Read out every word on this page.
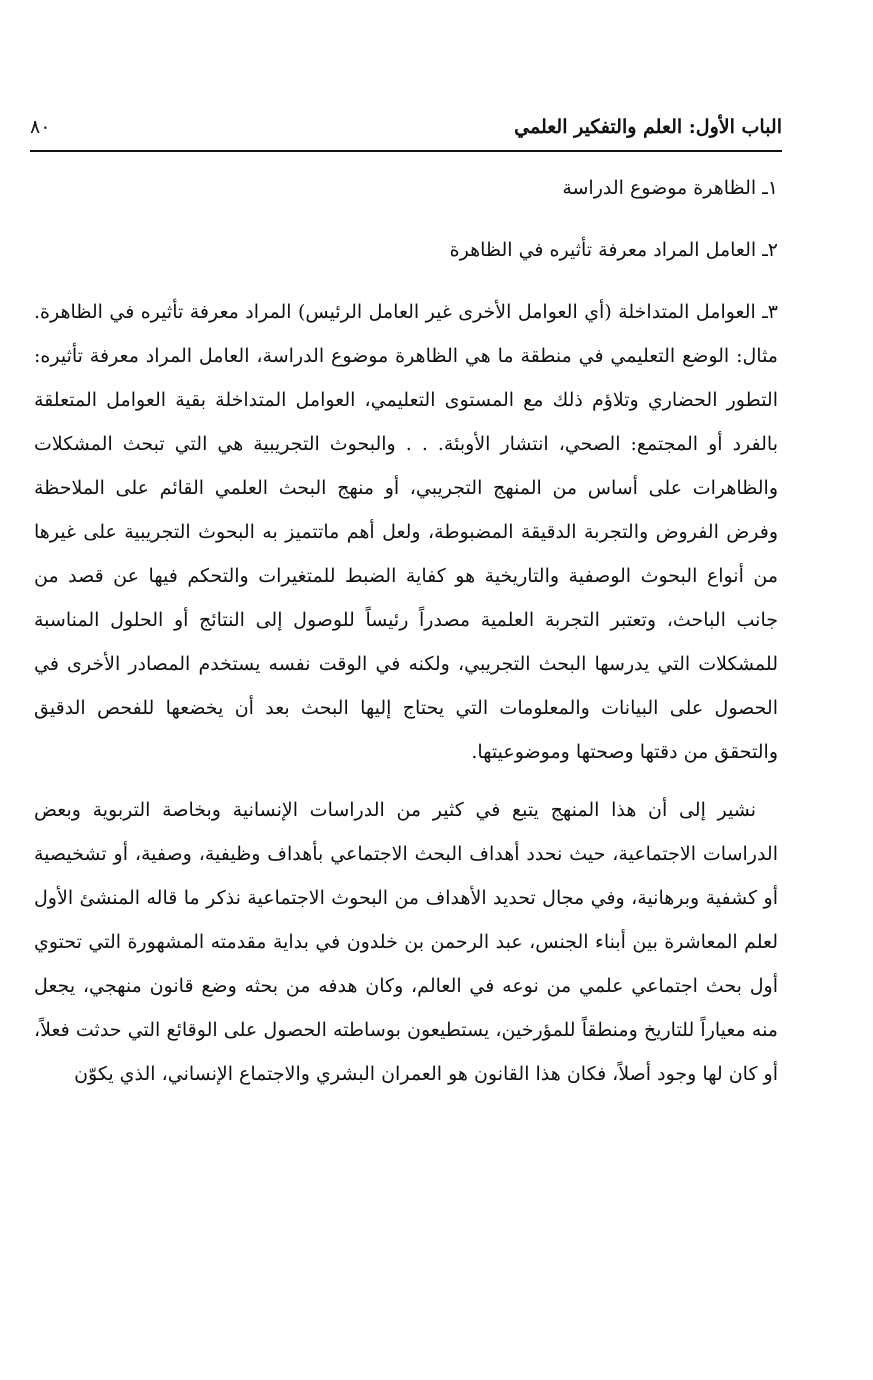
الباب الأول: العلم والتفكير العلمي
٨٠

١ـ الظاهرة موضوع الدراسة

٢ـ العامل المراد معرفة تأثيره في الظاهرة

٣ـ العوامل المتداخلة (أي العوامل الأخرى غير العامل الرئيس) المراد معرفة تأثيره في الظاهرة. مثال: الوضع التعليمي في منطقة ما هي الظاهرة موضوع الدراسة، العامل المراد معرفة تأثيره: التطور الحضاري وتلاؤم ذلك مع المستوى التعليمي، العوامل المتداخلة بقية العوامل المتعلقة بالفرد أو المجتمع: الصحي، انتشار الأوبئة. . . والبحوث التجريبية هي التي تبحث المشكلات والظاهرات على أساس من المنهج التجريبي، أو منهج البحث العلمي القائم على الملاحظة وفرض الفروض والتجربة الدقيقة المضبوطة، ولعل أهم ماتتميز به البحوث التجريبية على غيرها من أنواع البحوث الوصفية والتاريخية هو كفاية الضبط للمتغيرات والتحكم فيها عن قصد من جانب الباحث، وتعتبر التجربة العلمية مصدراً رئيساً للوصول إلى النتائج أو الحلول المناسبة للمشكلات التي يدرسها البحث التجريبي، ولكنه في الوقت نفسه يستخدم المصادر الأخرى في الحصول على البيانات والمعلومات التي يحتاج إليها البحث بعد أن يخضعها للفحص الدقيق والتحقق من دقتها وصحتها وموضوعيتها.

نشير إلى أن هذا المنهج يتبع في كثير من الدراسات الإنسانية وبخاصة التربوية وبعض الدراسات الاجتماعية، حيث نحدد أهداف البحث الاجتماعي بأهداف وظيفية، وصفية، أو تشخيصية أو كشفية وبرهانية، وفي مجال تحديد الأهداف من البحوث الاجتماعية نذكر ما قاله المنشئ الأول لعلم المعاشرة بين أبناء الجنس، عبد الرحمن بن خلدون في بداية مقدمته المشهورة التي تحتوي أول بحث اجتماعي علمي من نوعه في العالم، وكان هدفه من بحثه وضع قانون منهجي، يجعل منه معياراً للتاريخ ومنطقاً للمؤرخين، يستطيعون بوساطته الحصول على الوقائع التي حدثت فعلاً، أو كان لها وجود أصلاً، فكان هذا القانون هو العمران البشري والاجتماع الإنساني، الذي يكوّن
